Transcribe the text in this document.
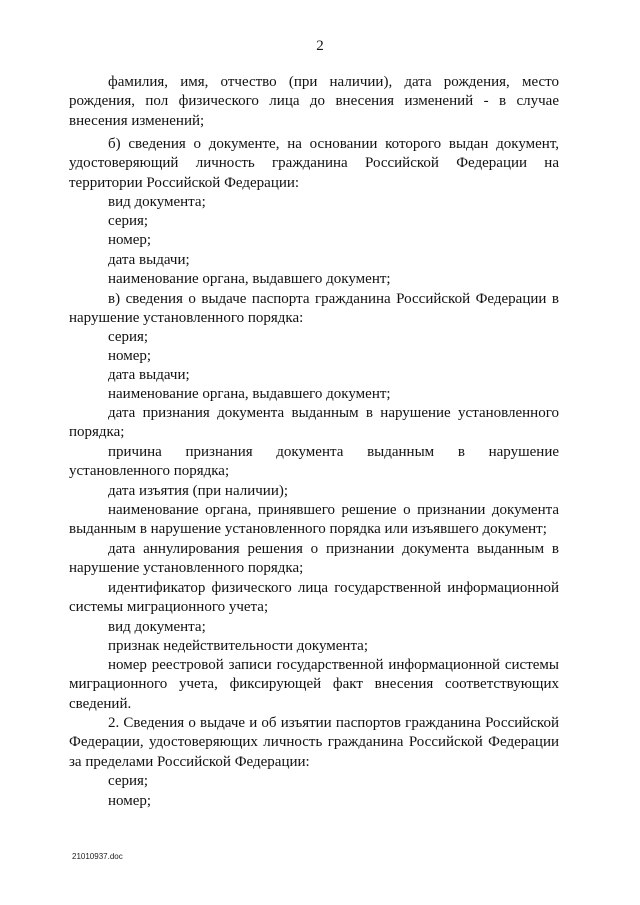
2

фамилия, имя, отчество (при наличии), дата рождения, место рождения, пол физического лица до внесения изменений - в случае внесения изменений;

б) сведения о документе, на основании которого выдан документ, удостоверяющий личность гражданина Российской Федерации на территории Российской Федерации:

вид документа;

серия;

номер;

дата выдачи;

наименование органа, выдавшего документ;

в) сведения о выдаче паспорта гражданина Российской Федерации в нарушение установленного порядка:

серия;

номер;

дата выдачи;

наименование органа, выдавшего документ;

дата признания документа выданным в нарушение установленного порядка;

причина признания документа выданным в нарушение установленного порядка;

дата изъятия (при наличии);

наименование органа, принявшего решение о признании документа выданным в нарушение установленного порядка или изъявшего документ;

дата аннулирования решения о признании документа выданным в нарушение установленного порядка;

идентификатор физического лица государственной информационной системы миграционного учета;

вид документа;

признак недействительности документа;

номер реестровой записи государственной информационной системы миграционного учета, фиксирующей факт внесения соответствующих сведений.

2. Сведения о выдаче и об изъятии паспортов гражданина Российской Федерации, удостоверяющих личность гражданина Российской Федерации за пределами Российской Федерации:

серия;

номер;

21010937.doc
